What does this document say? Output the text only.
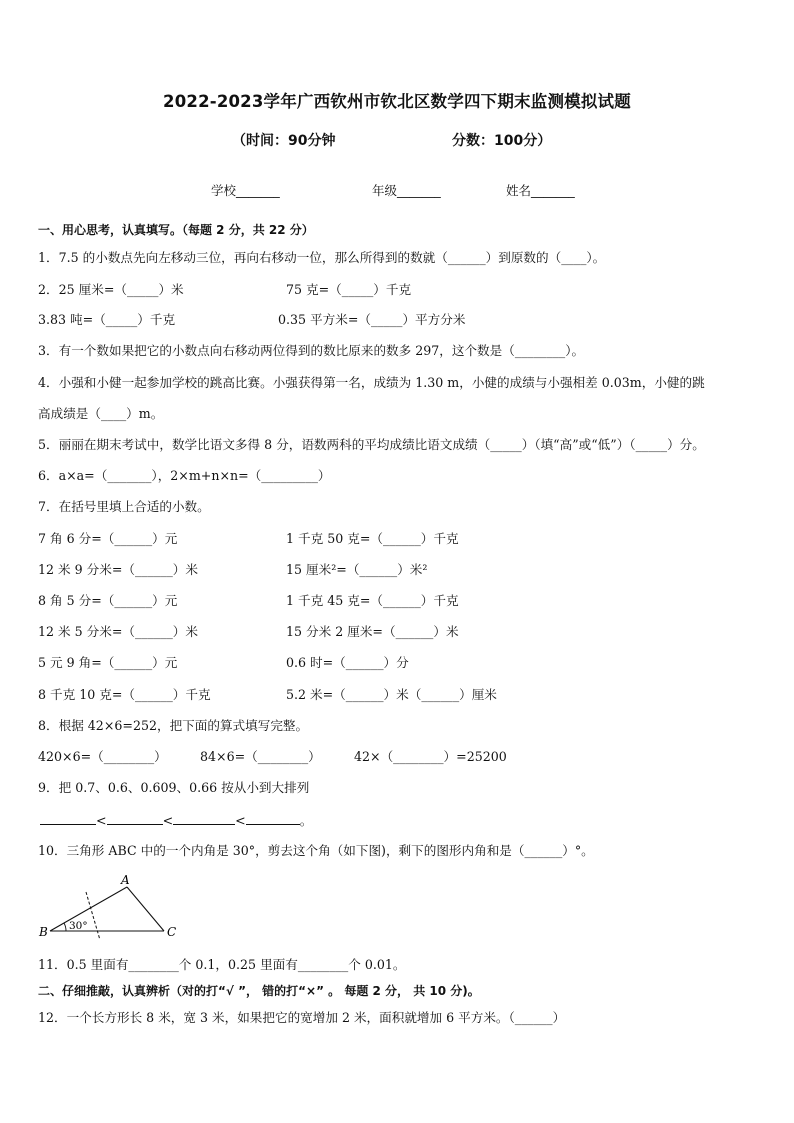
2022-2023学年广西钦州市钦北区数学四下期末监测模拟试题
（时间：90分钟	分数：100分）
学校_______	年级_______	姓名_______
一、用心思考，认真填写。（每题 2 分，共 22 分）
1．7.5 的小数点先向左移动三位，再向右移动一位，那么所得到的数就（______）到原数的（____）。
2．25 厘米=（_____）米	75 克=（_____）千克
3.83 吨=（_____）千克	0.35 平方米=（_____）平方分米
3．有一个数如果把它的小数点向右移动两位得到的数比原来的数多 297，这个数是（________）。
4．小强和小健一起参加学校的跳高比赛。小强获得第一名，成绩为 1.30 m，小健的成绩与小强相差 0.03m，小健的跳
高成绩是（____）m。
5．丽丽在期末考试中，数学比语文多得 8 分，语数两科的平均成绩比语文成绩（_____）（填“高”或“低”）（_____）分。
6．a×a=（_______），2×m+n×n=（_________）
7．在括号里填上合适的小数。
7 角 6 分=（______）元	1 千克 50 克=（______）千克
12 米 9 分米=（______）米	15 厘米²=（______）米²
8 角 5 分=（______）元	1 千克 45 克=（______）千克
12 米 5 分米=（______）米	15 分米 2 厘米=（______）米
5 元 9 角=（______）元	0.6 时=（______）分
8 千克 10 克=（______）千克	5.2 米=（______）米（______）厘米
8．根据 42×6=252，把下面的算式填写完整。
420×6=（________）	84×6=（________）	42×（________）=25200
9．把 0.7、0.6、0.609、0.66 按从小到大排列
<	<	<	。
10．三角形 ABC 中的一个内角是 30°，剪去这个角（如下图)，剩下的图形内角和是（______）°。
A
B	C
30°
11．0.5 里面有________个 0.1，0.25 里面有________个 0.01。
二、仔细推敲，认真辨析（对的打“√ ”， 错的打“×” 。 每题 2 分， 共 10 分)。
12．一个长方形长 8 米，宽 3 米，如果把它的宽增加 2 米，面积就增加 6 平方米。（______）
